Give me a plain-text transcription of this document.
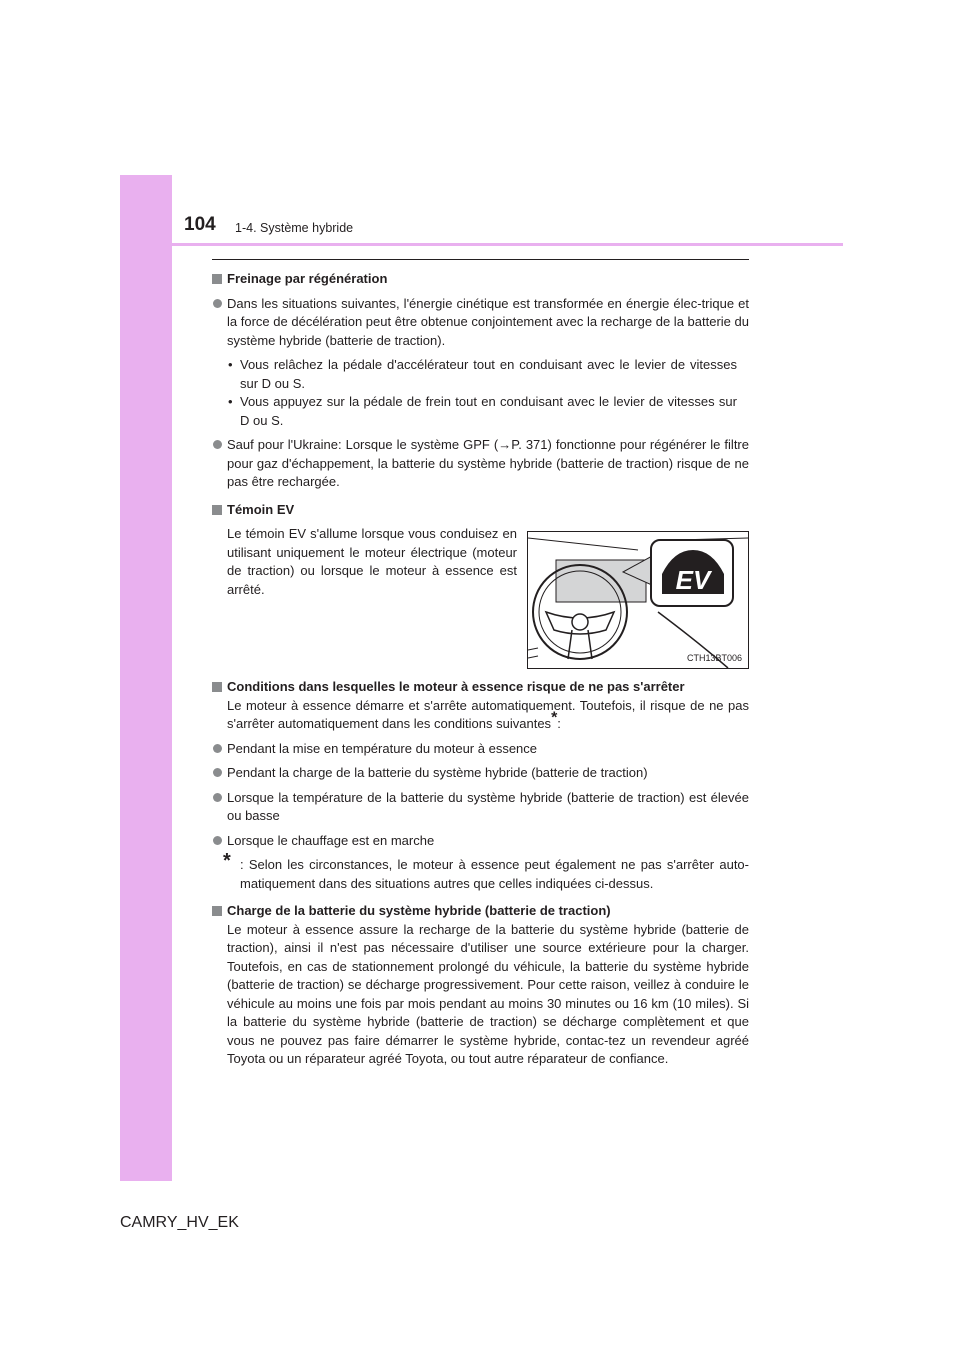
104 1-4. Système hybride

Freinage par régénération

Dans les situations suivantes, l'énergie cinétique est transformée en énergie élec-trique et la force de décélération peut être obtenue conjointement avec la recharge de la batterie du système hybride (batterie de traction).

• Vous relâchez la pédale d'accélérateur tout en conduisant avec le levier de vitesses sur D ou S.

• Vous appuyez sur la pédale de frein tout en conduisant avec le levier de vitesses sur D ou S.

Sauf pour l'Ukraine: Lorsque le système GPF (→P. 371) fonctionne pour régénérer le filtre pour gaz d'échappement, la batterie du système hybride (batterie de traction) risque de ne pas être rechargée.

Témoin EV

Le témoin EV s'allume lorsque vous conduisez en utilisant uniquement le moteur électrique (moteur de traction) ou lorsque le moteur à essence est arrêté.	EV
CTH13BT006

Conditions dans lesquelles le moteur à essence risque de ne pas s'arrêter

Le moteur à essence démarre et s'arrête automatiquement. Toutefois, il risque de ne pas s'arrêter automatiquement dans les conditions suivantes*:

Pendant la mise en température du moteur à essence

Pendant la charge de la batterie du système hybride (batterie de traction)

Lorsque la température de la batterie du système hybride (batterie de traction) est élevée ou basse

Lorsque le chauffage est en marche

* : Selon les circonstances, le moteur à essence peut également ne pas s'arrêter auto-matiquement dans des situations autres que celles indiquées ci-dessus.

Charge de la batterie du système hybride (batterie de traction)

Le moteur à essence assure la recharge de la batterie du système hybride (batterie de traction), ainsi il n'est pas nécessaire d'utiliser une source extérieure pour la charger. Toutefois, en cas de stationnement prolongé du véhicule, la batterie du système hybride (batterie de traction) se décharge progressivement. Pour cette raison, veillez à conduire le véhicule au moins une fois par mois pendant au moins 30 minutes ou 16 km (10 miles). Si la batterie du système hybride (batterie de traction) se décharge complètement et que vous ne pouvez pas faire démarrer le système hybride, contac-tez un revendeur agréé Toyota ou un réparateur agréé Toyota, ou tout autre réparateur de confiance.

CAMRY_HV_EK
